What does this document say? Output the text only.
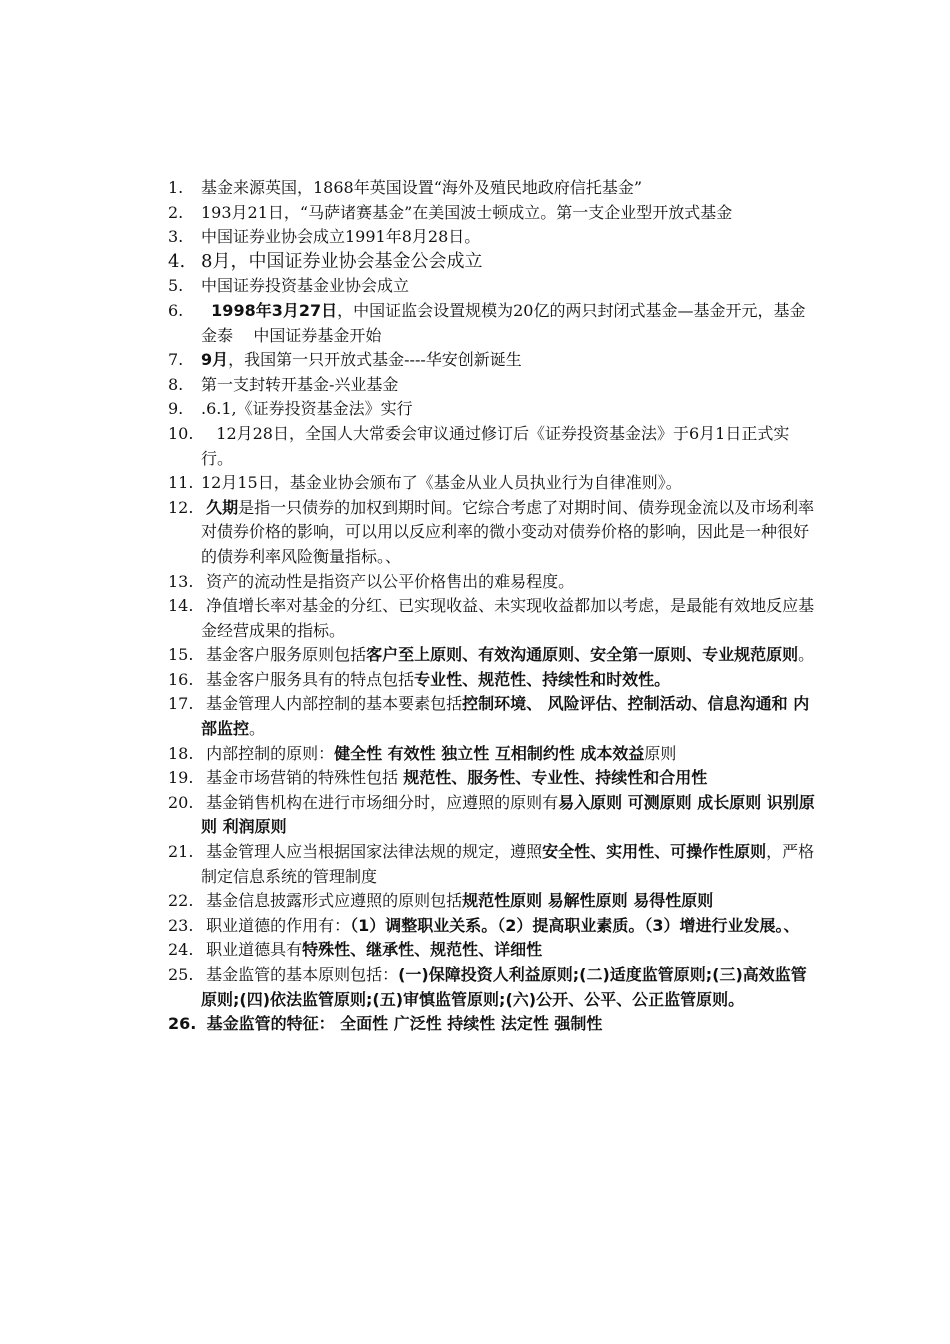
1.	基金来源英国，1868年英国设置“海外及殖民地政府信托基金”
2.	193月21日，“马萨诸赛基金”在美国波士顿成立。第一支企业型开放式基金
3.	中国证券业协会成立1991年8月28日。
4. 8月，中国证券业协会基金公会成立
5.	中国证券投资基金业协会成立
6.	1998年3月27日，中国证监会设置规模为20亿的两只封闭式基金—基金开元，基金金泰    中国证券基金开始
7.	9月，我国第一只开放式基金----华安创新诞生
8.	第一支封转开基金-兴业基金
9.	.6.1,《证券投资基金法》实行
10. 12月28日，全国人大常委会审议通过修订后《证券投资基金法》于6月1日正式实行。
11. 12月15日，基金业协会颁布了《基金从业人员执业行为自律准则》。
12. 久期是指一只债券的加权到期时间。它综合考虑了对期时间、债券现金流以及市场利率对债券价格的影响，可以用以反应利率的微小变动对债券价格的影响，因此是一种很好的债券利率风险衡量指标。、
13. 资产的流动性是指资产以公平价格售出的难易程度。
14. 净值增长率对基金的分红、已实现收益、未实现收益都加以考虑，是最能有效地反应基金经营成果的指标。
15. 基金客户服务原则包括客户至上原则、有效沟通原则、安全第一原则、专业规范原则。
16. 基金客户服务具有的特点包括专业性、规范性、持续性和时效性。
17. 基金管理人内部控制的基本要素包括控制环境、 风险评估、控制活动、信息沟通和 内部监控。
18. 内部控制的原则：健全性 有效性 独立性 互相制约性 成本效益原则
19. 基金市场营销的特殊性包括 规范性、服务性、专业性、持续性和合用性
20. 基金销售机构在进行市场细分时，应遵照的原则有易入原则 可测原则 成长原则 识别原则 利润原则
21. 基金管理人应当根据国家法律法规的规定，遵照安全性、实用性、可操作性原则，严格制定信息系统的管理制度
22. 基金信息披露形式应遵照的原则包括规范性原则 易解性原则 易得性原则
23. 职业道德的作用有：（1）调整职业关系。（2）提高职业素质。（3）增进行业发展。、
24. 职业道德具有特殊性、继承性、规范性、详细性
25. 基金监管的基本原则包括：(一)保障投资人利益原则;(二)适度监管原则;(三)高效监管原则;(四)依法监管原则;(五)审慎监管原则;(六)公开、公平、公正监管原则。
26. 基金监管的特征： 全面性 广泛性 持续性 法定性 强制性
